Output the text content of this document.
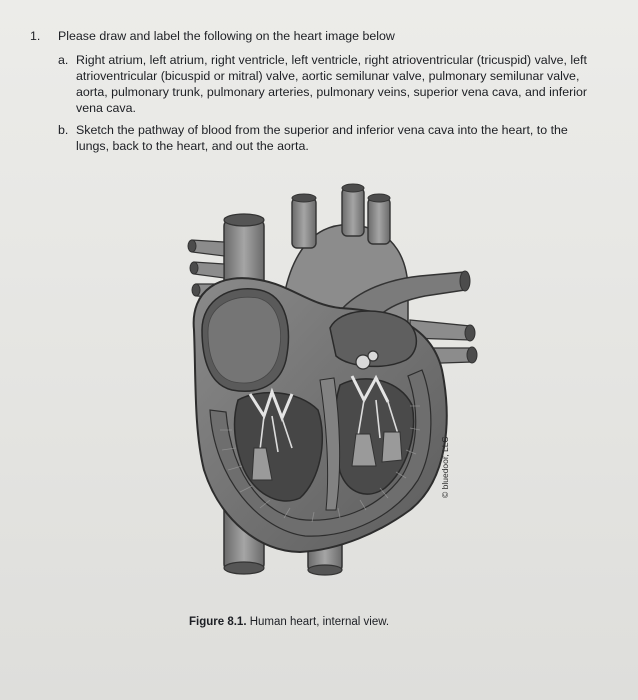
1. Please draw and label the following on the heart image below
a. Right atrium, left atrium, right ventricle, left ventricle, right atrioventricular (tricuspid) valve, left atrioventricular (bicuspid or mitral) valve, aortic semilunar valve, pulmonary semilunar valve, aorta, pulmonary trunk, pulmonary arteries, pulmonary veins, superior vena cava, and inferior vena cava.
b. Sketch the pathway of blood from the superior and inferior vena cava into the heart, to the lungs, back to the heart, and out the aorta.
© bluedoor, LLC
Figure 8.1. Human heart, internal view.
